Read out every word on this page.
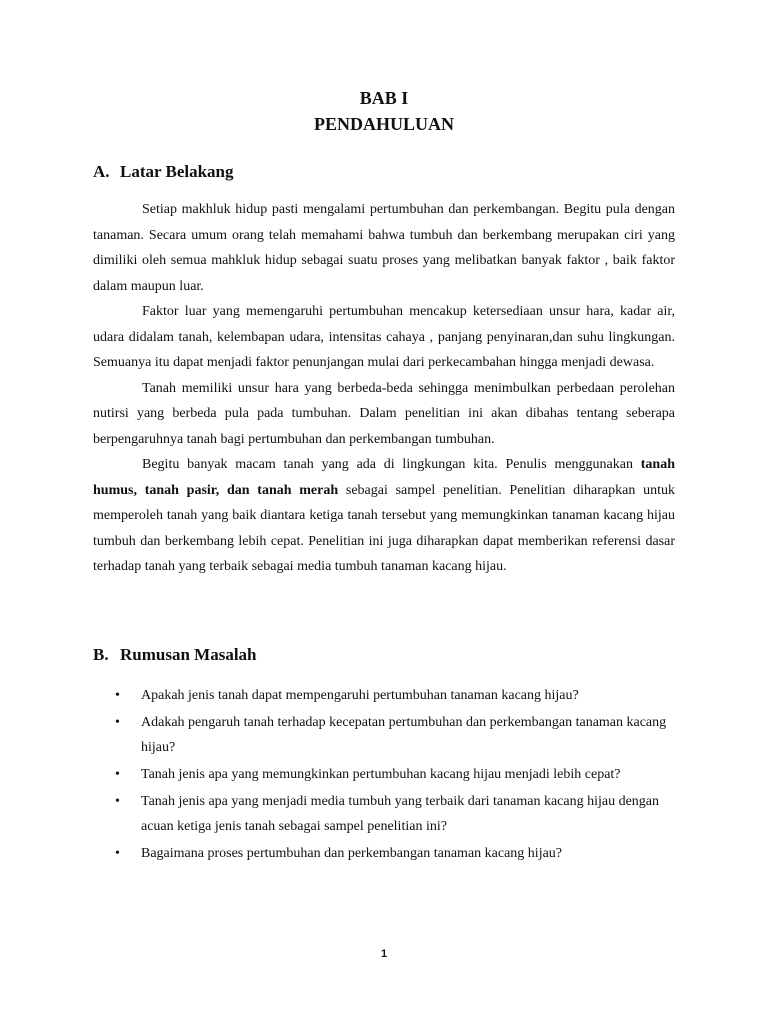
BAB I
PENDAHULUAN
A. Latar Belakang

Setiap makhluk hidup pasti mengalami pertumbuhan dan perkembangan. Begitu pula dengan tanaman. Secara umum orang telah memahami bahwa tumbuh dan berkembang merupakan ciri yang dimiliki oleh semua mahkluk hidup sebagai suatu proses yang melibatkan banyak faktor , baik faktor dalam maupun luar.

Faktor luar yang memengaruhi pertumbuhan mencakup ketersediaan unsur hara, kadar air, udara didalam tanah, kelembapan udara, intensitas cahaya , panjang penyinaran,dan suhu lingkungan. Semuanya itu dapat menjadi faktor penunjangan mulai dari perkecambahan hingga menjadi dewasa.

Tanah memiliki unsur hara yang berbeda-beda sehingga menimbulkan perbedaan perolehan nutirsi yang berbeda pula pada tumbuhan. Dalam penelitian ini akan dibahas tentang seberapa berpengaruhnya tanah bagi pertumbuhan dan perkembangan tumbuhan.

Begitu banyak macam tanah yang ada di lingkungan kita. Penulis menggunakan tanah humus, tanah pasir, dan tanah merah sebagai sampel penelitian. Penelitian diharapkan untuk memperoleh tanah yang baik diantara ketiga tanah tersebut yang memungkinkan tanaman kacang hijau tumbuh dan berkembang lebih cepat. Penelitian ini juga diharapkan dapat memberikan referensi dasar terhadap tanah yang terbaik sebagai media tumbuh tanaman kacang hijau.

B. Rumusan Masalah
• Apakah jenis tanah dapat mempengaruhi pertumbuhan tanaman kacang hijau?
• Adakah pengaruh tanah terhadap kecepatan pertumbuhan dan perkembangan tanaman kacang hijau?
• Tanah jenis apa yang memungkinkan pertumbuhan kacang hijau menjadi lebih cepat?
• Tanah jenis apa yang menjadi media tumbuh yang terbaik dari tanaman kacang hijau dengan acuan ketiga jenis tanah sebagai sampel penelitian ini?
• Bagaimana proses pertumbuhan dan perkembangan tanaman kacang hijau?
1
